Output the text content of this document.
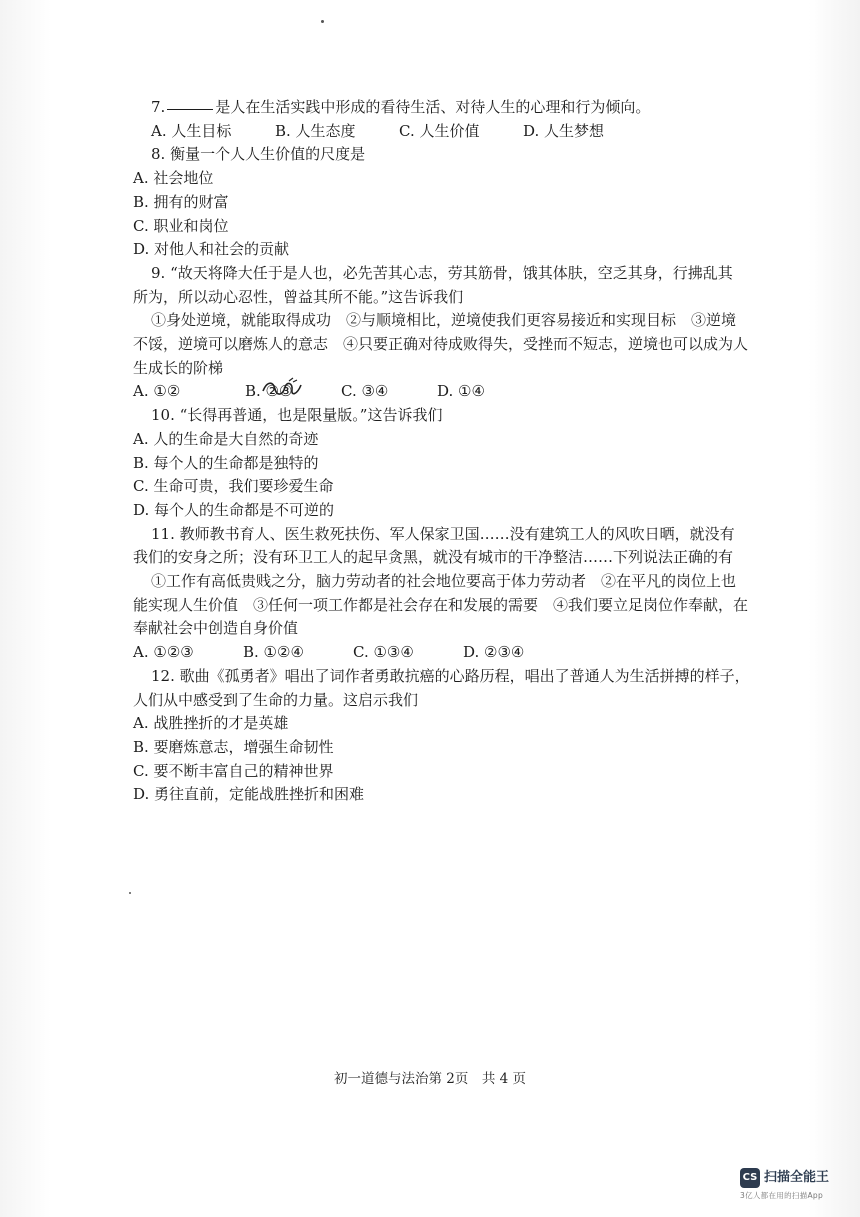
7.	是人在生活实践中形成的看待生活、对待人生的心理和行为倾向。
A. 人生目标	B. 人生态度	C. 人生价值	D. 人生梦想
8. 衡量一个人人生价值的尺度是
A. 社会地位
B. 拥有的财富
C. 职业和岗位
D. 对他人和社会的贡献
9. “故天将降大任于是人也，必先苦其心志，劳其筋骨，饿其体肤，空乏其身，行拂乱其
所为，所以动心忍性，曾益其所不能。”这告诉我们
①身处逆境，就能取得成功　②与顺境相比，逆境使我们更容易接近和实现目标　③逆境
不馁，逆境可以磨炼人的意志　④只要正确对待成败得失，受挫而不短志，逆境也可以成为人
生成长的阶梯
A. ①②	B. ②③	C. ③④	D. ①④
10. “长得再普通，也是限量版。”这告诉我们
A. 人的生命是大自然的奇迹
B. 每个人的生命都是独特的
C. 生命可贵，我们要珍爱生命
D. 每个人的生命都是不可逆的
11. 教师教书育人、医生救死扶伤、军人保家卫国……没有建筑工人的风吹日晒，就没有
我们的安身之所；没有环卫工人的起早贪黑，就没有城市的干净整洁……下列说法正确的有
①工作有高低贵贱之分，脑力劳动者的社会地位要高于体力劳动者　②在平凡的岗位上也
能实现人生价值　③任何一项工作都是社会存在和发展的需要　④我们要立足岗位作奉献，在
奉献社会中创造自身价值
A. ①②③	B. ①②④	C. ①③④	D. ②③④
12. 歌曲《孤勇者》唱出了词作者勇敢抗癌的心路历程，唱出了普通人为生活拼搏的样子，
人们从中感受到了生命的力量。这启示我们
A. 战胜挫折的才是英雄
B. 要磨炼意志，增强生命韧性
C. 要不断丰富自己的精神世界
D. 勇往直前，定能战胜挫折和困难
初一道德与法治第 2页　共 4 页
CS 扫描全能王
3亿人都在用的扫描App
